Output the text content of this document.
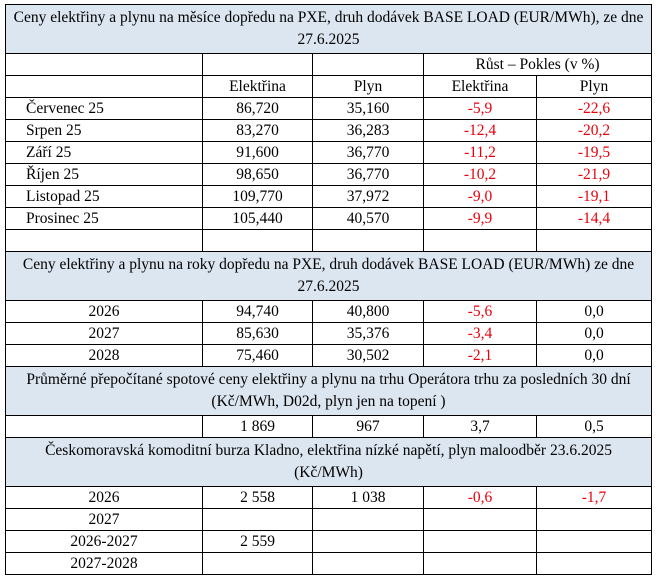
Ceny elektřiny a plynu na měsíce dopředu na PXE, druh dodávek BASE LOAD (EUR/MWh), ze dne 27.6.2025				
			Růst – Pokles (v %)	
	Elektřina	Plyn	Elektřina	Plyn
Červenec 25	86,720	35,160	-5,9	-22,6
Srpen 25	83,270	36,283	-12,4	-20,2
Září 25	91,600	36,770	-11,2	-19,5
Říjen 25	98,650	36,770	-10,2	-21,9
Listopad 25	109,770	37,972	-9,0	-19,1
Prosinec 25	105,440	40,570	-9,9	-14,4

Ceny elektřiny a plynu na roky dopředu na PXE, druh dodávek BASE LOAD (EUR/MWh) ze dne 27.6.2025				
2026	94,740	40,800	-5,6	0,0
2027	85,630	35,376	-3,4	0,0
2028	75,460	30,502	-2,1	0,0
Průměrné přepočítané spotové ceny elektřiny a plynu na trhu Operátora trhu za posledních 30 dní (Kč/MWh, D02d, plyn jen na topení )				
	1 869	967	3,7	0,5
Českomoravská komoditní burza Kladno, elektřina nízké napětí, plyn maloodběr 23.6.2025 (Kč/MWh)				
2026	2 558	1 038	-0,6	-1,7
2027				
2026-2027	2 559			
2027-2028				
